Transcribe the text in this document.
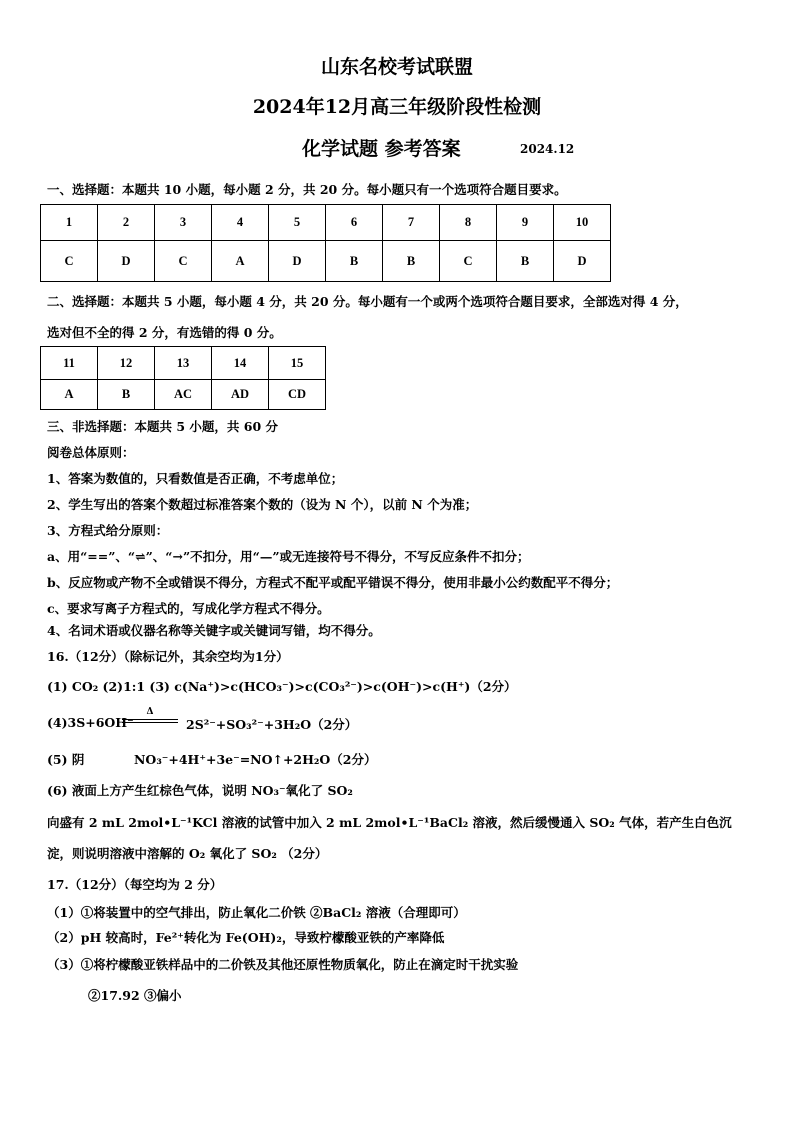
山东名校考试联盟
2024年12月高三年级阶段性检测
化学试题 参考答案	2024.12
一、选择题：本题共 10 小题，每小题 2 分，共 20 分。每小题只有一个选项符合题目要求。
1	2	3	4	5	6	7	8	9	10
C	D	C	A	D	B	B	C	B	D
二、选择题：本题共 5 小题，每小题 4 分，共 20 分。每小题有一个或两个选项符合题目要求，全部选对得 4 分，
选对但不全的得 2 分，有选错的得 0 分。
11	12	13	14	15
A	B	AC	AD	CD
三、非选择题：本题共 5 小题，共 60 分
阅卷总体原则：
1、答案为数值的，只看数值是否正确，不考虑单位；
2、学生写出的答案个数超过标准答案个数的（设为 N 个），以前 N 个为准；
3、方程式给分原则：
a、用“==”、“⇌”、“→”不扣分，用“—”或无连接符号不得分，不写反应条件不扣分；
b、反应物或产物不全或错误不得分，方程式不配平或配平错误不得分，使用非最小公约数配平不得分；
c、要求写离子方程式的，写成化学方程式不得分。
4、名词术语或仪器名称等关键字或关键词写错，均不得分。
16.（12分）（除标记外，其余空均为1分）
(1) CO₂ (2)1:1 (3) c(Na⁺)>c(HCO₃⁻)>c(CO₃²⁻)>c(OH⁻)>c(H⁺)（2分）
(4)3S+6OH⁻
Δ
2S²⁻+SO₃²⁻+3H₂O（2分）
(5) 阴	NO₃⁻+4H⁺+3e⁻=NO↑+2H₂O（2分）
(6) 液面上方产生红棕色气体，说明 NO₃⁻氧化了 SO₂
向盛有 2 mL 2mol•L⁻¹KCl 溶液的试管中加入 2 mL 2mol•L⁻¹BaCl₂ 溶液，然后缓慢通入 SO₂ 气体，若产生白色沉
淀，则说明溶液中溶解的 O₂ 氧化了 SO₂ （2分）
17.（12分）（每空均为 2 分）
（1）①将装置中的空气排出，防止氧化二价铁 ②BaCl₂ 溶液（合理即可）
（2）pH 较高时，Fe²⁺转化为 Fe(OH)₂，导致柠檬酸亚铁的产率降低
（3）①将柠檬酸亚铁样品中的二价铁及其他还原性物质氧化，防止在滴定时干扰实验
②17.92 ③偏小
